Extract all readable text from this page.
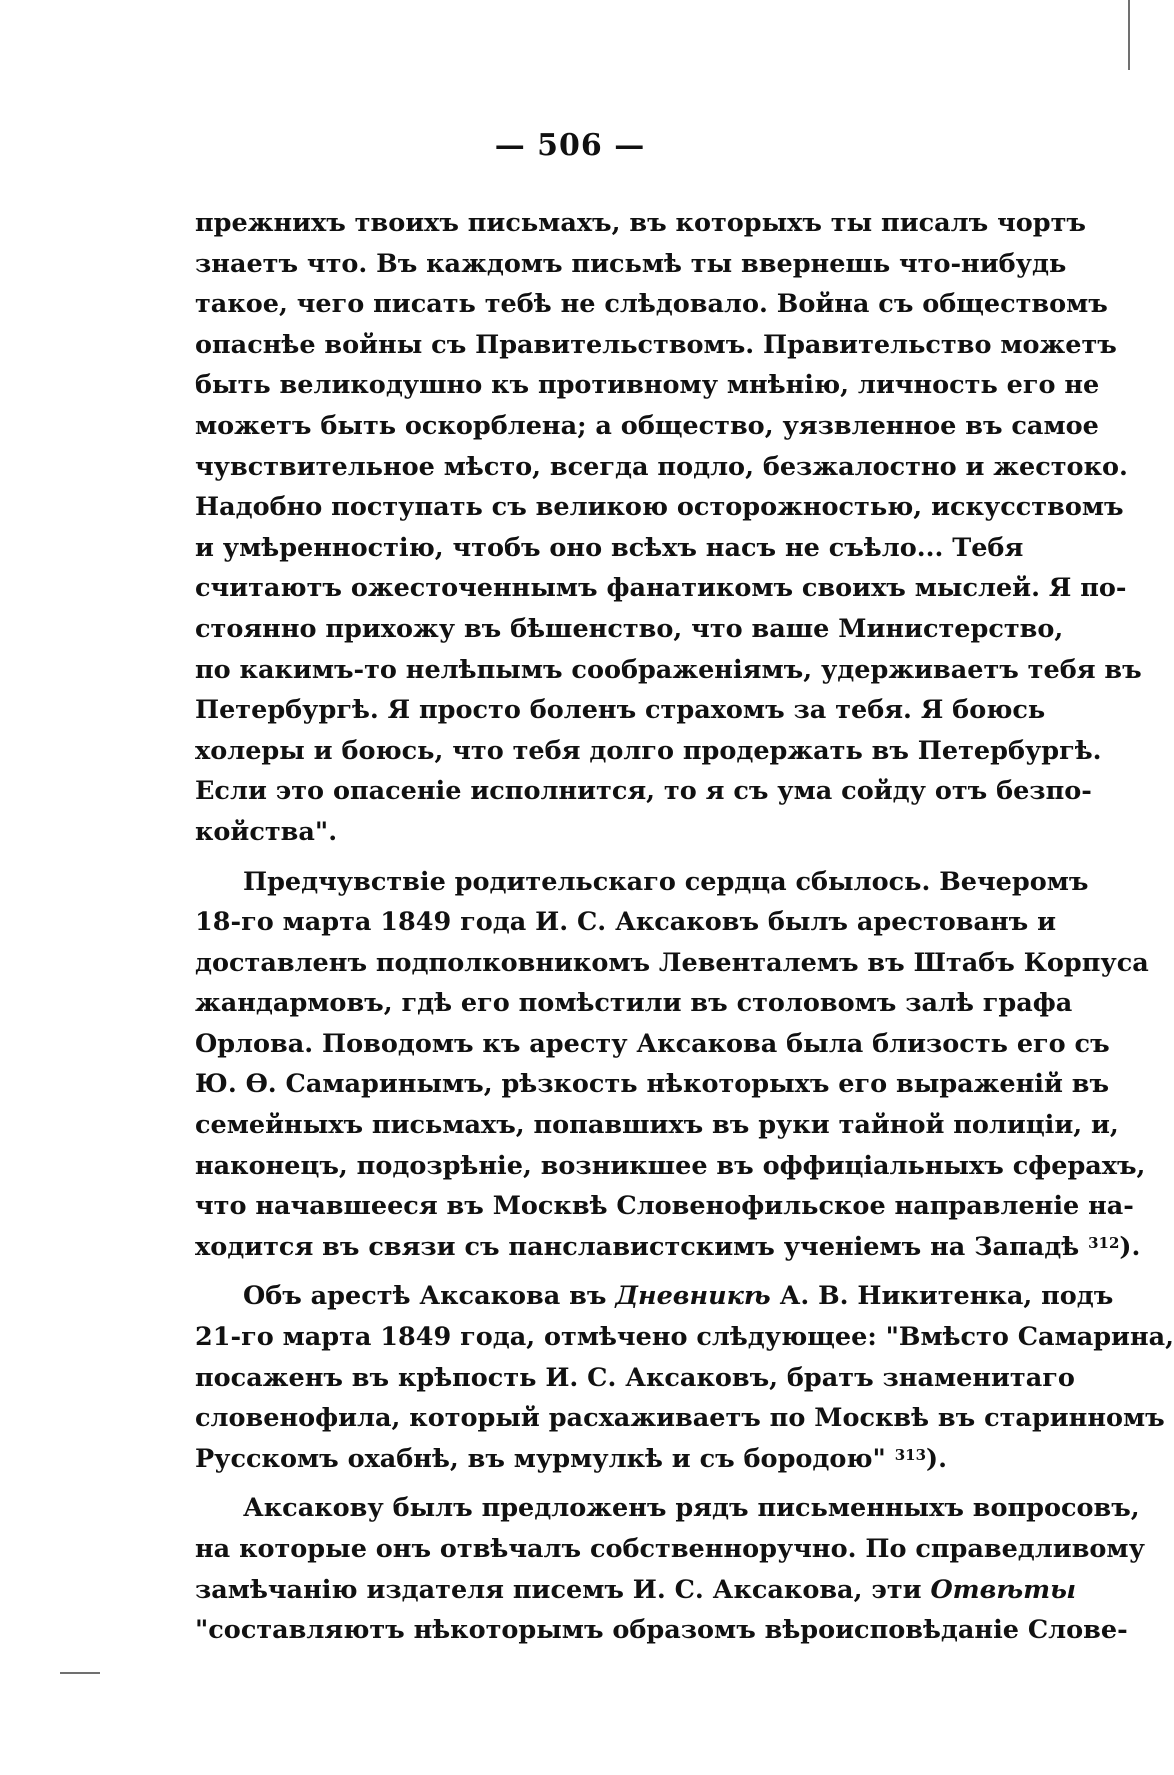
— 506 —
прежнихъ твоихъ письмахъ, въ которыхъ ты писалъ чортъ
знаетъ что. Въ каждомъ письмѣ ты ввернешь что-нибудь
такое, чего писать тебѣ не слѣдовало. Война съ обществомъ
опаснѣе войны съ Правительствомъ. Правительство можетъ
быть великодушно къ противному мнѣнію, личность его не
можетъ быть оскорблена; а общество, уязвленное въ самое
чувствительное мѣсто, всегда подло, безжалостно и жестоко.
Надобно поступать съ великою осторожностью, искусствомъ
и умѣренностію, чтобъ оно всѣхъ насъ не съѣло... Тебя
считаютъ ожесточеннымъ фанатикомъ своихъ мыслей. Я по-
стоянно прихожу въ бѣшенство, что ваше Министерство,
по какимъ-то нелѣпымъ соображеніямъ, удерживаетъ тебя въ
Петербургѣ. Я просто боленъ страхомъ за тебя. Я боюсь
холеры и боюсь, что тебя долго продержать въ Петербургѣ.
Если это опасеніе исполнится, то я съ ума сойду отъ безпо-
койства".
Предчувствіе родительскаго сердца сбылось. Вечеромъ
18-го марта 1849 года И. С. Аксаковъ былъ арестованъ и
доставленъ подполковникомъ Левенталемъ въ Штабъ Корпуса
жандармовъ, гдѣ его помѣстили въ столовомъ залѣ графа
Орлова. Поводомъ къ аресту Аксакова была близость его съ
Ю. Ѳ. Самаринымъ, рѣзкость нѣкоторыхъ его выраженій въ
семейныхъ письмахъ, попавшихъ въ руки тайной полиціи, и,
наконецъ, подозрѣніе, возникшее въ оффиціальныхъ сферахъ,
что начавшееся въ Москвѣ Словенофильское направленіе на-
ходится въ связи съ панславистскимъ ученіемъ на Западѣ $^{312}$).
Объ арестѣ Аксакова въ Дневникѣ А. В. Никитенка, подъ
21-го марта 1849 года, отмѣчено слѣдующее: "Вмѣсто Самарина,
посаженъ въ крѣпость И. С. Аксаковъ, братъ знаменитаго
словенофила, который расхаживаетъ по Москвѣ въ старинномъ
Русскомъ охабнѣ, въ мурмулкѣ и съ бородою" $^{313}$).
Аксакову былъ предложенъ рядъ письменныхъ вопросовъ,
на которые онъ отвѣчалъ собственноручно. По справедливому
замѣчанію издателя писемъ И. С. Аксакова, эти Отвѣты
"составляютъ нѣкоторымъ образомъ вѣроисповѣданіе Слове-
